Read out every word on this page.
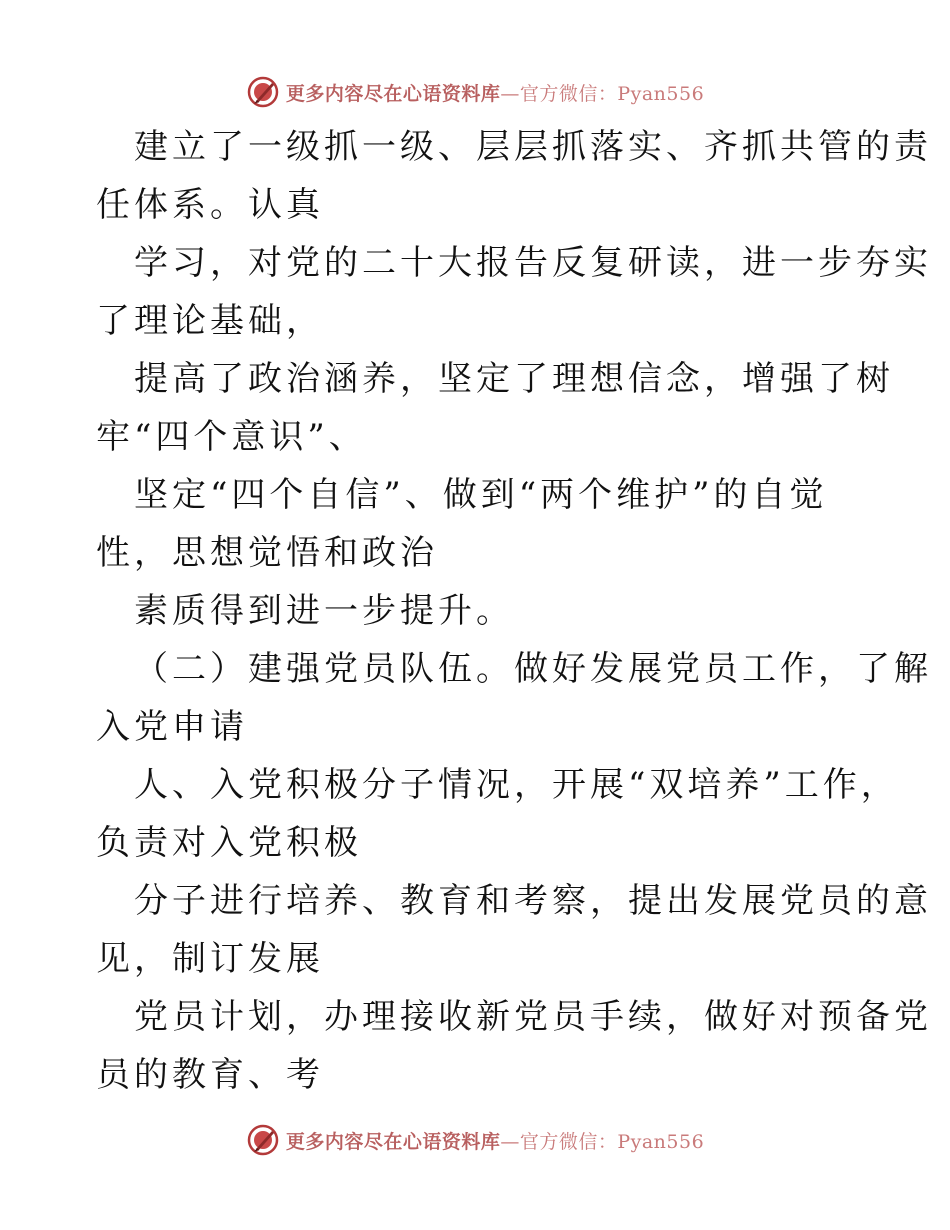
更多内容尽在心语资料库—官方微信：Pyan556
建立了一级抓一级、层层抓落实、齐抓共管的责
任体系。认真
学习，对党的二十大报告反复研读，进一步夯实
了理论基础，
提高了政治涵养，坚定了理想信念，增强了树
牢“四个意识”、
坚定“四个自信”、做到“两个维护”的自觉
性，思想觉悟和政治
素质得到进一步提升。
（二）建强党员队伍。做好发展党员工作，了解
入党申请
人、入党积极分子情况，开展“双培养”工作，
负责对入党积极
分子进行培养、教育和考察，提出发展党员的意
见，制订发展
党员计划，办理接收新党员手续，做好对预备党
员的教育、考
更多内容尽在心语资料库—官方微信：Pyan556
